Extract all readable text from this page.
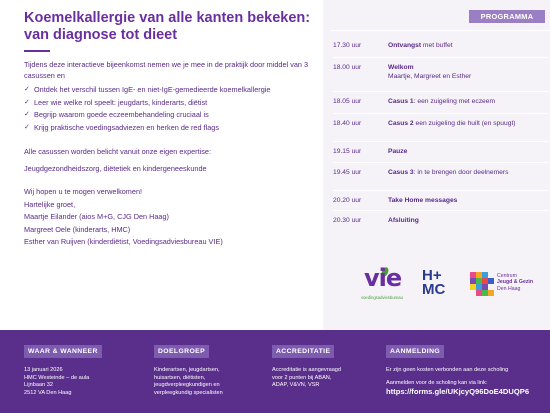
Koemelkallergie van alle kanten bekeken:
van diagnose tot dieet

Tijdens deze interactieve bijeenkomst nemen we je mee in de praktijk door middel van 3 casussen en

✓ Ontdek het verschil tussen IgE- en niet-IgE-gemedieerde koemelkallergie
✓ Leer wie welke rol speelt: jeugdarts, kinderarts, diëtist
✓ Begrijp waarom goede eczeembehandeling cruciaal is
✓ Krijg praktische voedingsadviezen en herken de red flags

Alle casussen worden belicht vanuit onze eigen expertise:

Jeugdgezondheidszorg, diëtetiek en kindergeneeskunde

Wij hopen u te mogen verwelkomen!

Hartelijke groet,

Maartje Eilander (aios M+G, CJG Den Haag)

Margreet Oele (kinderarts, HMC)

Esther van Ruijven (kinderdiëtist, Voedingsadviesbureau VIE)

PROGRAMMA
17.30 uur	Ontvangst met buffet
18.00 uur	Welkom
Maartje, Margreet en Esther
18.05 uur	Casus 1: een zuigeling met eczeem
18.40 uur	Casus 2 een zuigeling die huilt (en spuugt)
19.15 uur	Pauze
19.45 uur	Casus 3: in te brengen door deelnemers
20.20 uur	Take Home messages
20.30 uur	Afsluiting
vie
voedingsadviesbureau
H+
MC
Centrum
Jeugd & Gezin
Den Haag
WAAR & WANNEER
13 januari 2026
HMC Westeinde – de aula
Lijnbaan 32
2512 VA Den Haag
DOELGROEP
Kinderartsen, jeugdartsen,
huisartsen, diëtisten,
jeugdverpleegkundigen en
verpleegkundig specialisten
ACCREDITATIE
Accreditatie is aangevraagd
voor 2 punten bij ABAN,
ADAP, V&VN, VSR
AANMELDING
Er zijn geen kosten verbonden aan deze scholing
Aanmelden voor de scholing kan via link:
https://forms.gle/UKjcyQ96DoE4DUQP6
